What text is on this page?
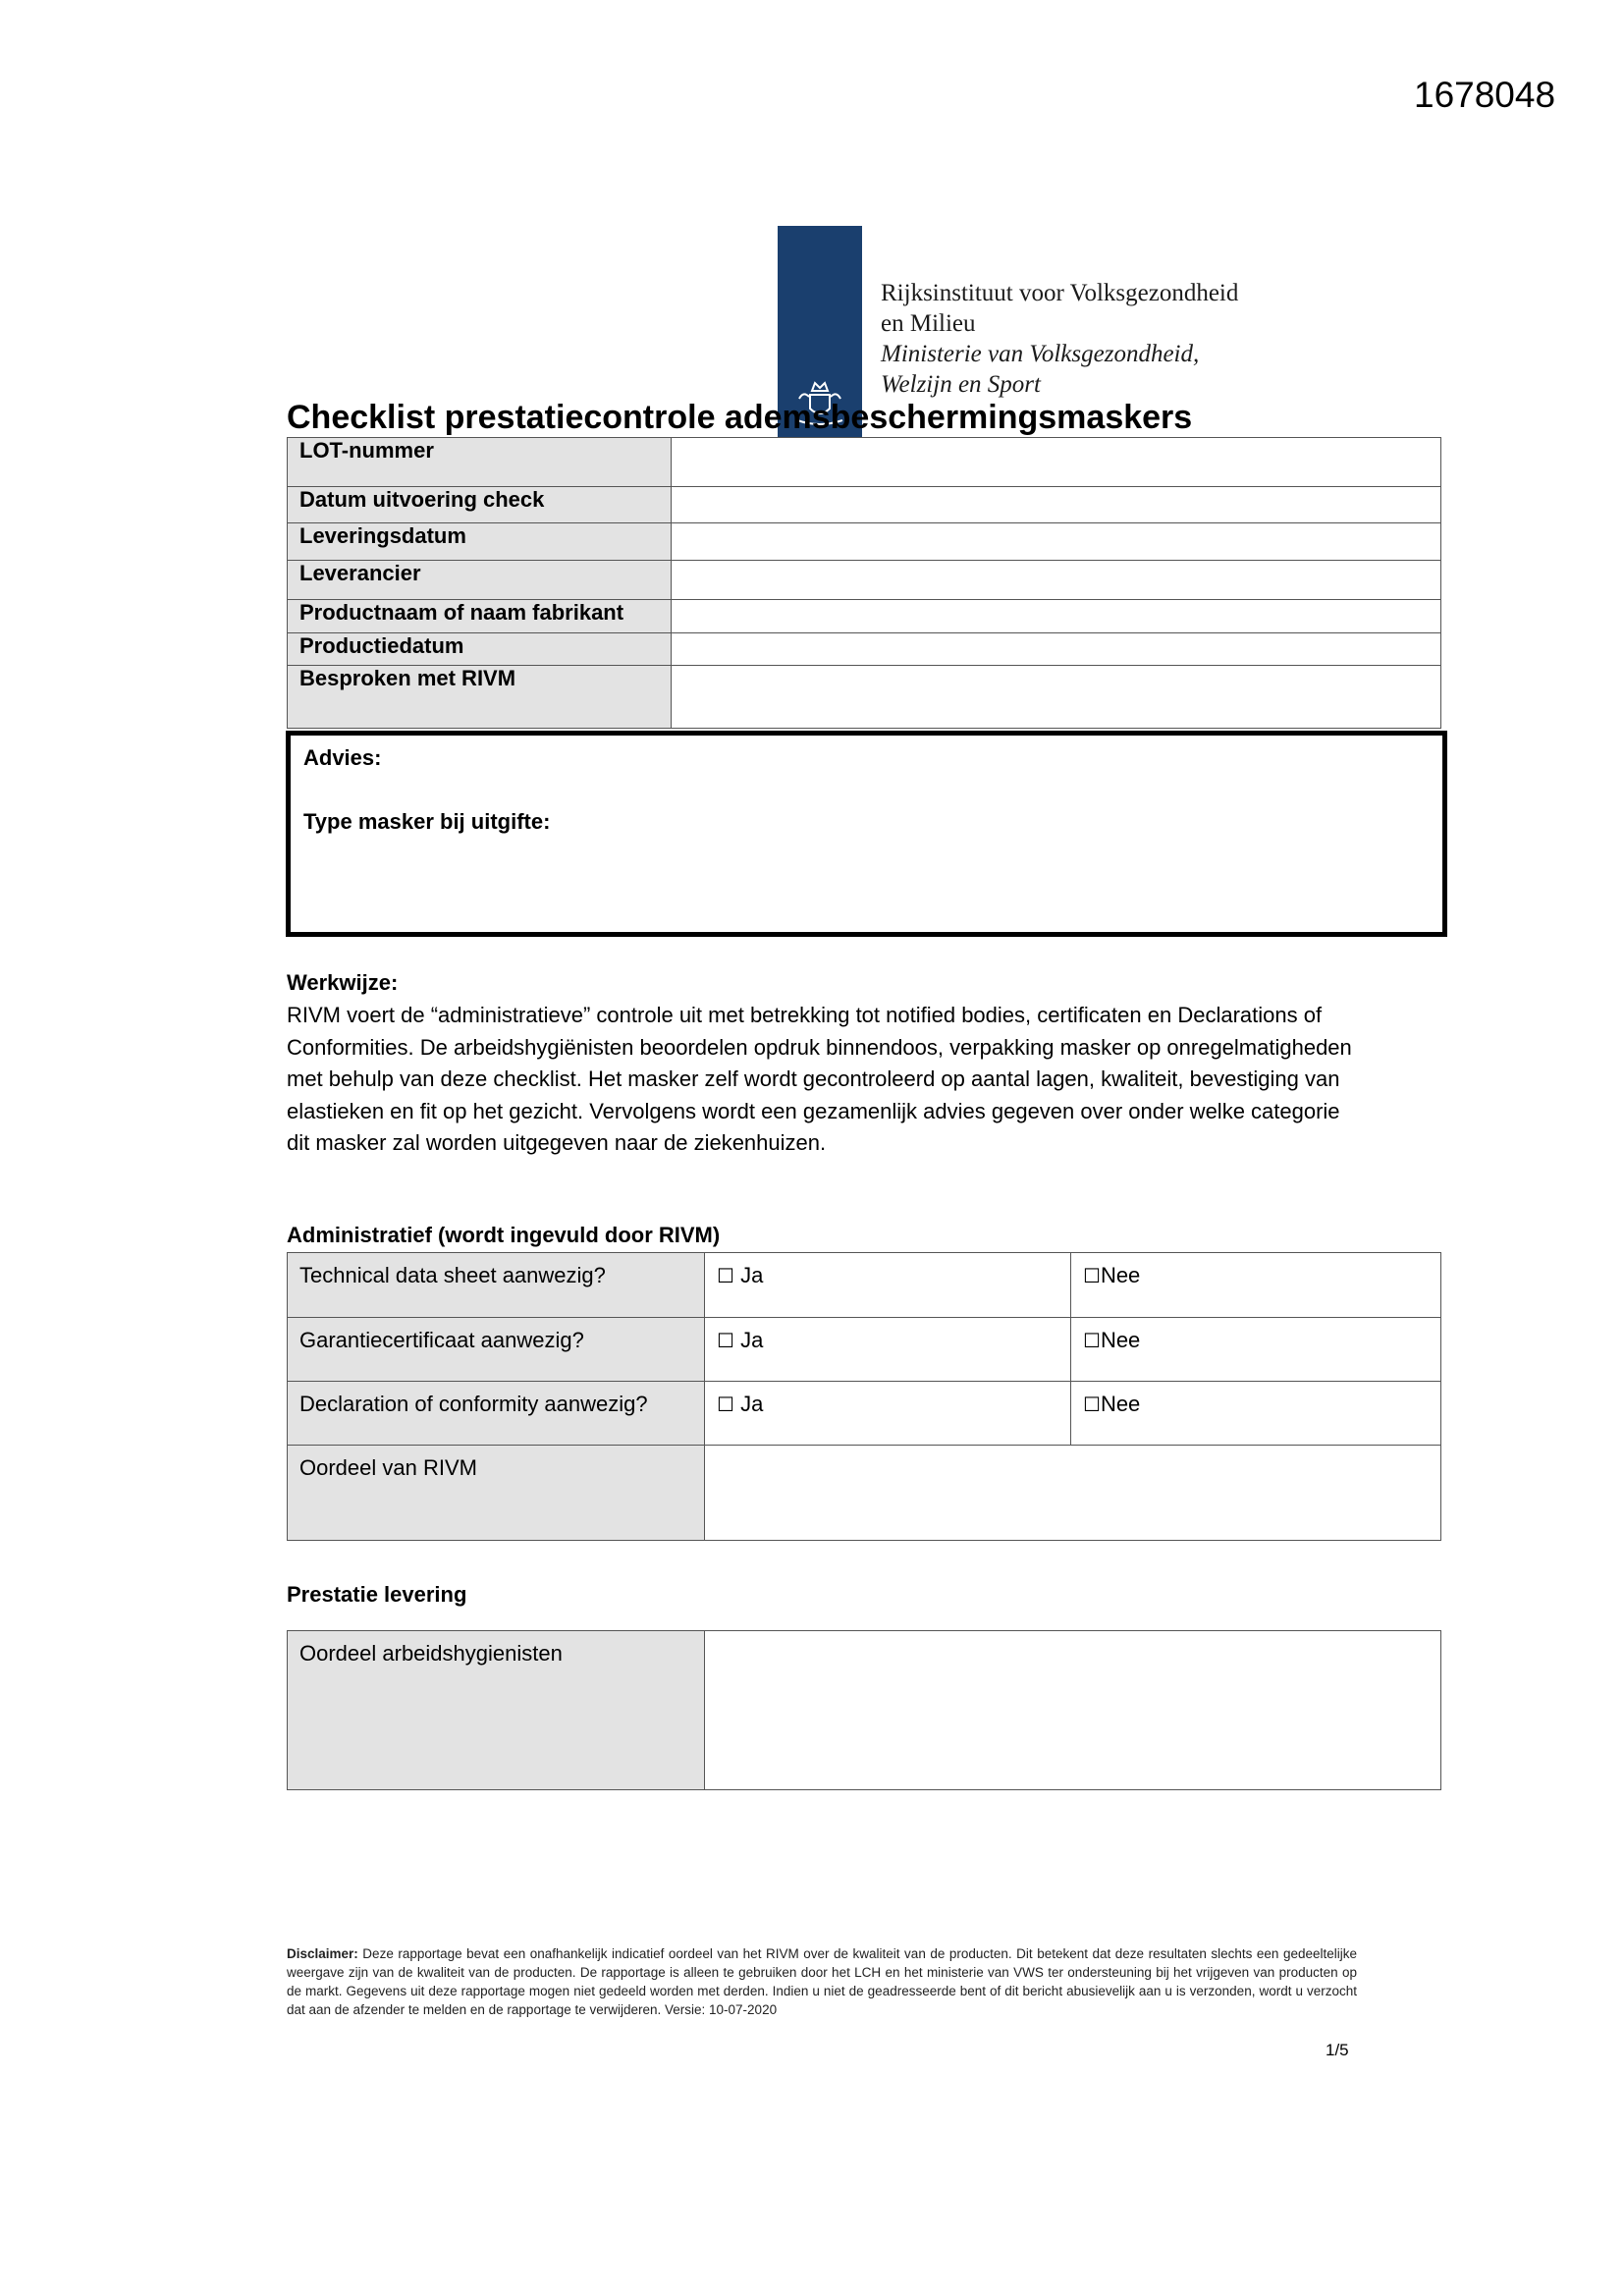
1678048
Rijksinstituut voor Volksgezondheid
en Milieu
Ministerie van Volksgezondheid,
Welzijn en Sport
Checklist prestatiecontrole ademsbeschermingsmaskers
LOT-nummer	
Datum uitvoering check	
Leveringsdatum	
Leverancier	
Productnaam of naam fabrikant	
Productiedatum	
Besproken met RIVM	
Advies:
Type masker bij uitgifte:
Werkwijze:
RIVM voert de “administratieve” controle uit met betrekking tot notified bodies, certificaten en Declarations of Conformities. De arbeidshygiënisten beoordelen opdruk binnendoos, verpakking masker op onregelmatigheden met behulp van deze checklist. Het masker zelf wordt gecontroleerd op aantal lagen, kwaliteit, bevestiging van elastieken en fit op het gezicht. Vervolgens wordt een gezamenlijk advies gegeven over onder welke categorie dit masker zal worden uitgegeven naar de ziekenhuizen.
Administratief (wordt ingevuld door RIVM)
Technical data sheet aanwezig?	☐ Ja	☐Nee
Garantiecertificaat aanwezig?	☐ Ja	☐Nee
Declaration of conformity aanwezig?	☐ Ja	☐Nee
Oordeel van RIVM		
Prestatie levering
Oordeel arbeidshygienisten	
Disclaimer: Deze rapportage bevat een onafhankelijk indicatief oordeel van het RIVM over de kwaliteit van de producten. Dit betekent dat deze resultaten slechts een gedeeltelijke weergave zijn van de kwaliteit van de producten. De rapportage is alleen te gebruiken door het LCH en het ministerie van VWS ter ondersteuning bij het vrijgeven van producten op de markt. Gegevens uit deze rapportage mogen niet gedeeld worden met derden. Indien u niet de geadresseerde bent of dit bericht abusievelijk aan u is verzonden, wordt u verzocht dat aan de afzender te melden en de rapportage te verwijderen. Versie: 10-07-2020
1/5
